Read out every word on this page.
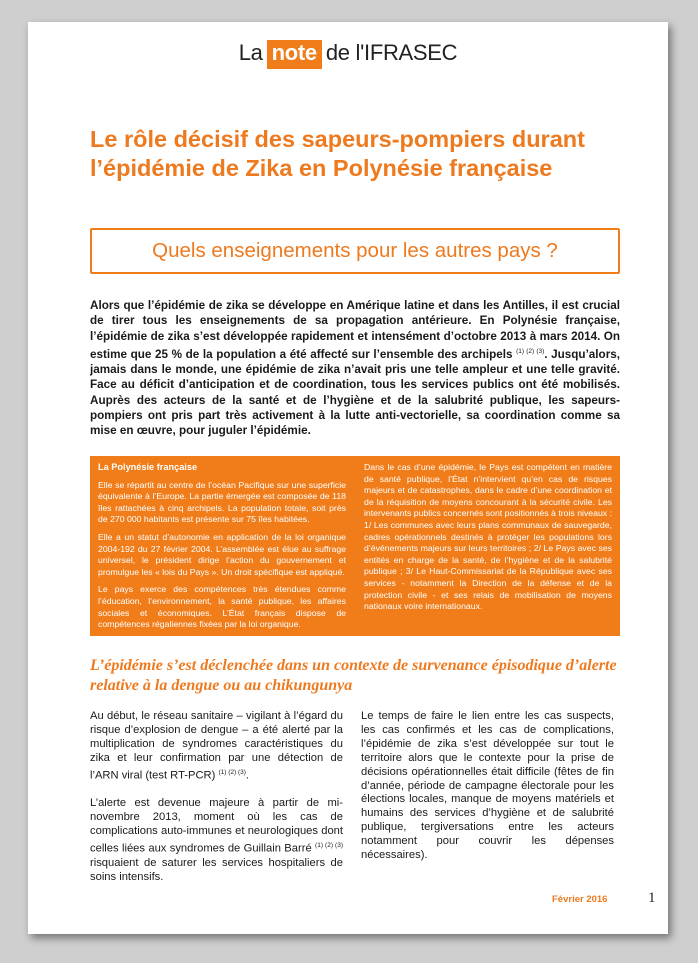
La note de l'IFRASEC
Le rôle décisif des sapeurs-pompiers durant l’épidémie de Zika en Polynésie française
Quels enseignements pour les autres pays ?

Alors que l’épidémie de zika se développe en Amérique latine et dans les Antilles, il est crucial de tirer tous les enseignements de sa propagation antérieure. En Polynésie française, l’épidémie de zika s’est développée rapidement et intensément d’octobre 2013 à mars 2014. On estime que 25 % de la population a été affecté sur l’ensemble des archipels $^{(1) (2) (3)}$. Jusqu’alors, jamais dans le monde, une épidémie de zika n’avait pris une telle ampleur et une telle gravité. Face au déficit d’anticipation et de coordination, tous les services publics ont été mobilisés. Auprès des acteurs de la santé et de l’hygiène et de la salubrité publique, les sapeurs-pompiers ont pris part très activement à la lutte anti-vectorielle, sa coordination comme sa mise en œuvre, pour juguler l’épidémie.

La Polynésie française

Elle se répartit au centre de l’océan Pacifique sur une superficie équivalente à l’Europe. La partie émergée est composée de 118 îles rattachées à cinq archipels. La population totale, soit près de 270 000 habitants est présente sur 75 îles habitées.

Elle a un statut d’autonomie en application de la loi organique 2004-192 du 27 février 2004. L’assemblée est élue au suffrage universel, le président dirige l’action du gouvernement et promulgue les « lois du Pays ». Un droit spécifique est appliqué.

Le pays exerce des compétences très étendues comme l’éducation, l’environnement, la santé publique, les affaires sociales et économiques. L’État français dispose de compétences régaliennes fixées par la loi organique.

Dans le cas d’une épidémie, le Pays est compétent en matière de santé publique, l’État n’intervient qu’en cas de risques majeurs et de catastrophes, dans le cadre d’une coordination et de la réquisition de moyens concourant à la sécurité civile. Les intervenants publics concernés sont positionnés à trois niveaux : 1/ Les communes avec leurs plans communaux de sauvegarde, cadres opérationnels destinés à protéger les populations lors d’événements majeurs sur leurs territoires ; 2/ Le Pays avec ses entités en charge de la santé, de l’hygiène et de la salubrité publique ; 3/ Le Haut-Commissariat de la République avec ses services - notamment la Direction de la défense et de la protection civile - et ses relais de mobilisation de moyens nationaux voire internationaux.

L’épidémie s’est déclenchée dans un contexte de survenance épisodique d’alerte relative à la dengue ou au chikungunya

Au début, le réseau sanitaire – vigilant à l’égard du risque d’explosion de dengue – a été alerté par la multiplication de syndromes caractéristiques du zika et leur confirmation par une détection de l’ARN viral (test RT-PCR) $^{(1) (2) (3)}$.

L’alerte est devenue majeure à partir de mi-novembre 2013, moment où les cas de complications auto-immunes et neurologiques dont celles liées aux syndromes de Guillain Barré $^{(1) (2) (3)}$ risquaient de saturer les services hospitaliers de soins intensifs.

Le temps de faire le lien entre les cas suspects, les cas confirmés et les cas de complications, l’épidémie de zika s’est développée sur tout le territoire alors que le contexte pour la prise de décisions opérationnelles était difficile (fêtes de fin d’année, période de campagne électorale pour les élections locales, manque de moyens matériels et humains des services d’hygiène et de salubrité publique, tergiversations entre les acteurs notamment pour couvrir les dépenses nécessaires).

Février 2016	1
